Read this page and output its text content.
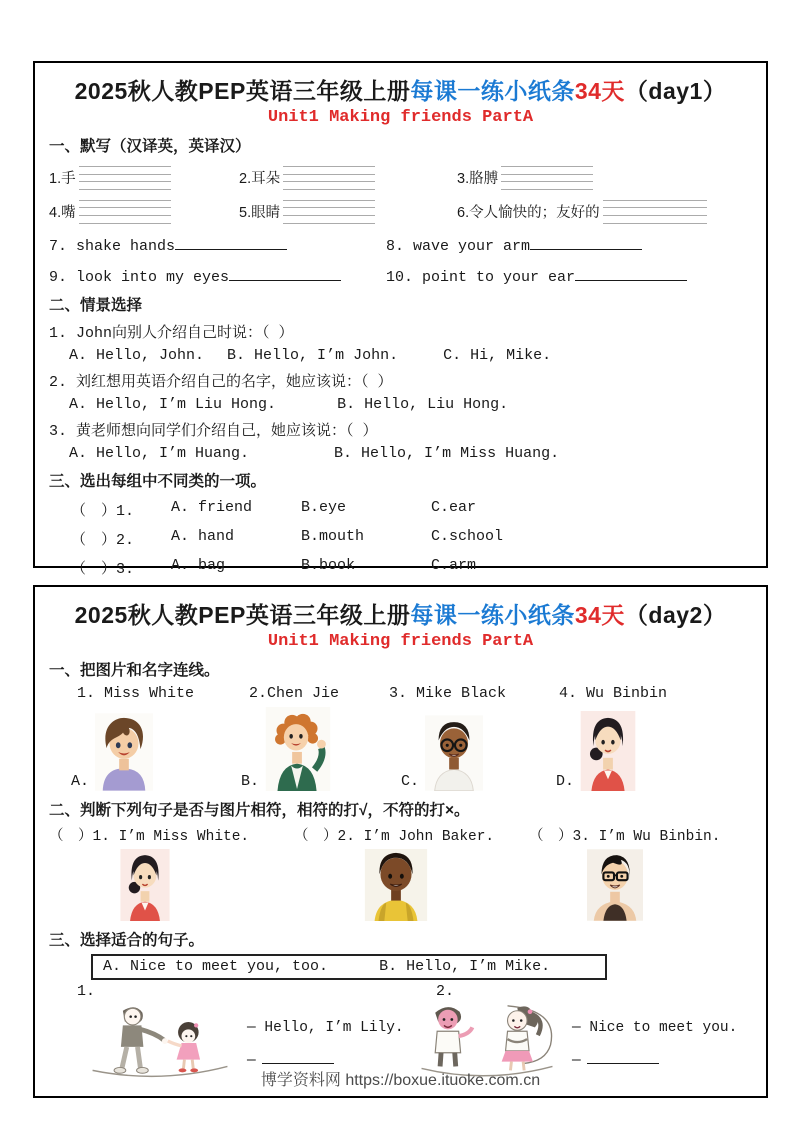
2025秋人教PEP英语三年级上册每课一练小纸条34天（day1）
Unit1 Making friends PartA
一、默写（汉译英，英译汉）
1.手	2.耳朵	3.胳膊
4.嘴	5.眼睛	6.令人愉快的；友好的
7. shake hands	8. wave your arm
9. look into my eyes	10. point to your ear
二、情景选择
1. John向别人介绍自己时说：（ ）
A. Hello, John. B. Hello, I’m John.	C. Hi, Mike.
2. 刘红想用英语介绍自己的名字，她应该说：（ ）
A. Hello, I’m Liu Hong.	B. Hello, Liu Hong.
3. 黄老师想向同学们介绍自己，她应该说：（ ）
A. Hello, I’m Huang.	B. Hello, I’m Miss Huang.
三、选出每组中不同类的一项。
（　）1.	A. friend	B.eye	C.ear
（　）2.	A. hand	B.mouth	C.school
（　）3.	A. bag	B.book	C.arm
2025秋人教PEP英语三年级上册每课一练小纸条34天（day2）
Unit1 Making friends PartA
一、把图片和名字连线。
1. Miss White	2.Chen Jie	3. Mike Black	4. Wu Binbin
A.	B.	C.	D.
二、判断下列句子是否与图片相符，相符的打√，不符的打×。
（　）1. I’m Miss White.	（　）2. I’m John Baker.	（　）3. I’m Wu Binbin.
三、选择适合的句子。
A. Nice to meet you, too.	B. Hello, I’m Mike.
1.
— Hello, I’m Lily.
—
2.
— Nice to meet you.
—
博学资料网 https://boxue.ituoke.com.cn
